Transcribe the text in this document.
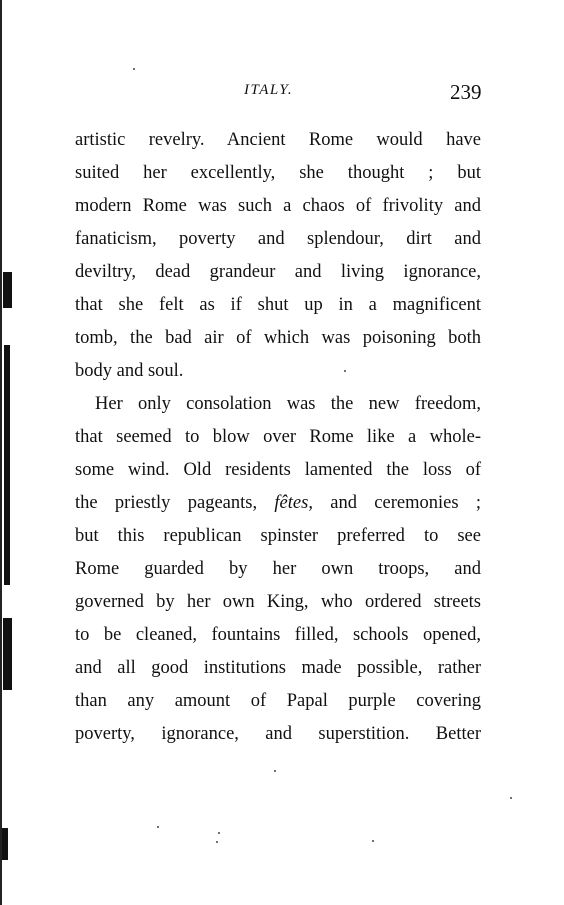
ITALY.	239
artistic revelry. Ancient Rome would have
suited her excellently, she thought ; but
modern Rome was such a chaos of frivolity and
fanaticism, poverty and splendour, dirt and
deviltry, dead grandeur and living ignorance,
that she felt as if shut up in a magnificent
tomb, the bad air of which was poisoning both
body and soul.
Her only consolation was the new freedom,
that seemed to blow over Rome like a whole-
some wind. Old residents lamented the loss of
the priestly pageants, fêtes, and ceremonies ;
but this republican spinster preferred to see
Rome guarded by her own troops, and
governed by her own King, who ordered streets
to be cleaned, fountains filled, schools opened,
and all good institutions made possible, rather
than any amount of Papal purple covering
poverty, ignorance, and superstition. Better
